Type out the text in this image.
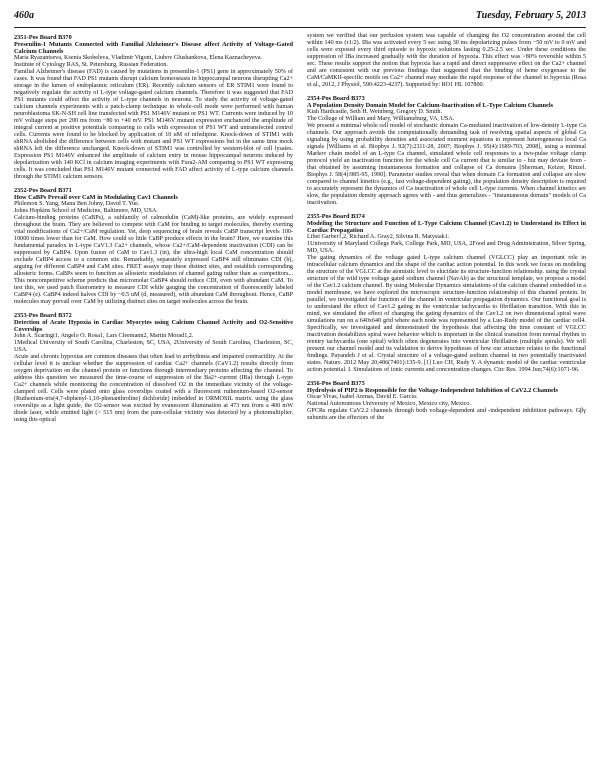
460a	Tuesday, February 5, 2013
2351-Pos Board B370
Presenilin-1 Mutants Connected with Familial Alzheimer's Disease affect Activity of Voltage-Gated Calcium Channels
Maria Ryazantseva, Ksenia Skobeleva, Vladimir Vigont, Liubov Glushankova, Elena Kaznacheyeva.
Institute of Cytology RAS, St. Petersburg, Russian Federation.
Familial Alzheimer's disease (FAD) is caused by mutations in presenilin-1 (PS1) gene in approximately 50% of cases. It was found that FAD PS1 mutants disrupt calcium homeostasis in hippocampal neurons disrupting Ca2+ storage in the lumen of endoplasmic reticulum (ER). Recently calcium sensors of ER STIM1 were found to negatively regulate the activity of L-type voltage-gated calcium channels. Therefore it was suggested that FAD PS1 mutants could affect the activity of L-type channels in neurons. To study the activity of voltage-gated calcium channels experiments with a patch-clamp technique in whole-cell mode were performed with human neuroblastoma SK-N-SH cell line transfected with PS1 M146V mutant or PS1 WT. Currents were induced by 10 mV voltage steps per 200 ms from −80 to +40 mV. PS1 M146V mutant expression enchanced the amplitude of integral current at positive potentials comparing to cells with expression of PS1 WT and untransfected control cells. Currents were found to be blocked by application of 10 uM of nifedipine. Knock-down of STIM1 with shRNA abolished the difference between cells with mutant and PS1 WT expressions but in the same time mock shRNA left the difference unchanged. Knock-down of STIM1 was controlled by western-blot of cell lysates. Expression PS1 M146V enhanced the amplitude of calcium entry in mouse hippocampal neurons induced by depolarization with 140 KCl in calcium imaging experiments with Fura2-AM comparing to PS1 WT expressing cells. It was concluded that PS1 M146V mutant connected with FAD affect activity of L-type calcium channels through the STIM1 calcium sensors.
2352-Pos Board B371
How CaBPs Prevail over CaM in Modulating Cav1 Channels
Philemon S. Yang, Manu Ben Johny, David T. Yue.
Johns Hopkins School of Medicine, Baltimore, MD, USA.
Calcium-binding proteins (CaBPs), a subfamily of calmodulin (CaM)-like proteins, are widely expressed throughout the brain. They are believed to compete with CaM for binding to target molecules, thereby exerting vital modifications of Ca2+/CaM regulation. Yet, deep sequencing of brain reveals CaBP transcript levels 100-10000 times lower than for CaM. How could so little CaBP produce effects in the brain? Here, we examine this fundamental paradox in L-type CaV1.3 Ca2+ channels, whose Ca2+/CaM-dependent inactivation (CDI) can be suppressed by CaBP4. Upon fusion of CaM to Cav1.3 (in), the ultra-high local CaM concentration should exclude CaBP4 access to a common site. Remarkably, separately expressed CaBP4 still eliminates CDI (b), arguing for different CaBP4 and CaM sites. FRET assays map these distinct sites, and establish corresponding allosteric forms. CaBPs seem to function as allosteric modulators of channel gating rather than as competitors... This noncompetitive scheme predicts that micromolar CaBP4 should reduce CDI, even with abundant CaM. To test this, we used patch fluorometry to measure CDI while gauging the concentration of fluorescently labeled CaBP4 (e). CaBP4 indeed halves CDI by ~0.5 uM (d, measured), with abundant CaM throughout. Hence, CaBP molecules may prevail over CaM by utilizing distinct sites on target molecules across the brain.
2353-Pos Board B372
Detection of Acute Hypoxia in Cardiac Myocytes using Calcium Channel Activity and O2-Sensitive Coverslips
John A. Scaringi1, Angelo O. Rosa1, Lars Cleemann2, Martin Morad1,2.
1Medical University of South Carolina, Charleston, SC, USA, 2University of South Carolina, Charleston, SC, USA.
Acute and chronic hypoxias are common diseases that often lead to arrhythmia and impaired contractility. At the cellular level it is unclear whether the suppression of cardiac Ca2+ channels (CaV1.2) results directly from oxygen deprivation on the channel protein or functions through intermediary proteins affecting the channel. To address this question we measured the time-course of suppression of the Ba2+-current (IBa) through L-type Ca2+ channels while monitoring the concentration of dissolved O2 in the immediate vicinity of the voltage-clamped cell. Cells were plated onto glass coverslips coated with a fluorescent ruthenium-based O2-sensor (Ruthenium-tris(4,7-diphenyl-1,10-phenanthroline) dichloride) imbedded in ORMOSIL matrix. using the glass coverslips as a light guide, the O2-sensor was excited by evanescent illumination at 473 nm from a 400 mW diode laser, while emitted light (> 515 nm) from the pam-cellular vicinity was detected by a photomultiplier. using this optical
system we verified that our perfusion system was capable of changing the O2 concentration around the cell within 140 ms (τ1/2). IBa was activated every 5 sec using 30 ms depolarizing pulses from −50 mV to 0 mV and cells were exposed every third episode to hypoxic solutions lasting 0.25-2.5 sec. Under these conditions the suppression of IBa increased gradually with the duration of hypoxia. This effect was >80% reversible within 5 sec. These results support the notion that hypoxia has a rapid and direct suppressive effect on the Ca2+ channel and are consistent with our previous findings that suggested that the binding of heme oxygenase to the CaM/CaMKII-specific motifs on Ca2+ channel may mediate the rapid response of the channel to hypoxia (Rosa et al., 2012, J Physiol, 590:4223-4237). Supported by: RO1 HL 107800.
2354-Pos Board B373
A Population Density Domain Model for Calcium-Inactivation of L-Type Calcium Channels
Kiah Hardcastle, Seth H. Weinberg, Gregory D. Smith.
The College of William and Mary, Williamsburg, VA, USA.
We present a minimal whole cell model of stochastic domain Ca-mediated inactivation of low-density L-type Ca channels. Our approach avoids the computationally demanding task of resolving spatial aspects of global Ca signaling by using probability densities and associated moment equations to represent heterogeneous local Ca signals [Williams et al. Biophys J. 92(7):2311-28, 2007; Biophys J. 95(4):1689-703, 2008], using a minimal Markov chain model of an L-type Ca channel, simulated whole cell responses to a two-pulse voltage clamp protocol yield an inactivation function for the whole cell Ca current that is similar to - but may deviate from - that obtained by assuming instantaneous formation and collapse of Ca domains [Sherman, Keizer, Rinzel. Biophys J. 58(4):985-95, 1990]. Parameter studies reveal that when domain Ca formation and collapse are slow compared to channel kinetics (e.g., fast voltage-dependent gating), the population density description is required to accurately represent the dynamics of Ca inactivation of whole cell L-type currents. When channel kinetics are slow, the population density approach agrees with - and thus generalizes - "instantaneous domain" models of Ca inactivation.
2355-Pos Board B374
Modeling the Structure and Function of L-Type Calcium Channel (Cav1.2) to Understand its Effect in Cardiac Propagation
Libet Garber1,2, Richard A. Gray2, Silvina R. Matysiak1.
1University of Maryland College Park, College Park, MD, USA, 2Food and Drug Administration, Silver Spring, MD, USA.
The gating dynamics of the voltage gated L-type calcium channel (VGLCC) play an important role in intracellular calcium dynamics and the shape of the cardiac action potential. In this work we focus on modeling the structure of the VGLCC at the atomistic level to elucidate its structure-function relationship. using the crystal structure of the wild type voltage gated sodium channel (NavAb) as the structural template, we propose a model of the Cav1.2 calcium channel. By using Molecular Dynamics simulations of the calcium channel embedded in a model membrane, we have explored the microscopic structure-function relationship of this channel protein. In parallel, we investigated the function of the channel in ventricular propagation dynamics. Our functional goal is to understand the effect of Cav1.2 gating in the ventricular tachycardia to fibrillation transition. With this in mind, we simulated the effect of changing the gating dynamics of the Cav1.2 on two dimensional spiral wave simulations run on a 640x640 grid where each node was represented by a Luo-Rudy model of the cardiac cell4. Specifically, we investigated and demonstrated the hypothesis that affecting the time constant of VGLCC inactivation destabilizes spiral wave behavior which is important in the clinical transition from normal rhythm to reentry tachycardia (one spiral) which often degenerates into ventricular fibrillation (multiple spirals). We will present our channel model and its validation to derive hypotheses of how our structure relates to the functional findings. Payandeh J et al. Crystal structure of a voltage-gated sodium channel in two potentially inactivated states. Nature. 2012 May 20;486(7401):135-9. [1] Luo CH, Rudy Y. A dynamic model of the cardiac ventricular action potential. I. Simulations of ionic currents and concentration changes. Circ Res. 1994 Jun;74(6):1071-96.
2356-Pos Board B375
Hydrolysis of PIP2 is Responsible for the Voltage-Independent Inhibition of CaV2.2 Channels
Oscar Vivas, Isabel Arenas, David E. García.
National Autonomous University of Mexico, Mexico city, Mexico.
GPCRs regulate CaV2.2 channels through both voltage-dependent and -independent inhibition pathways. Gβγ subunits are the effectors of the
